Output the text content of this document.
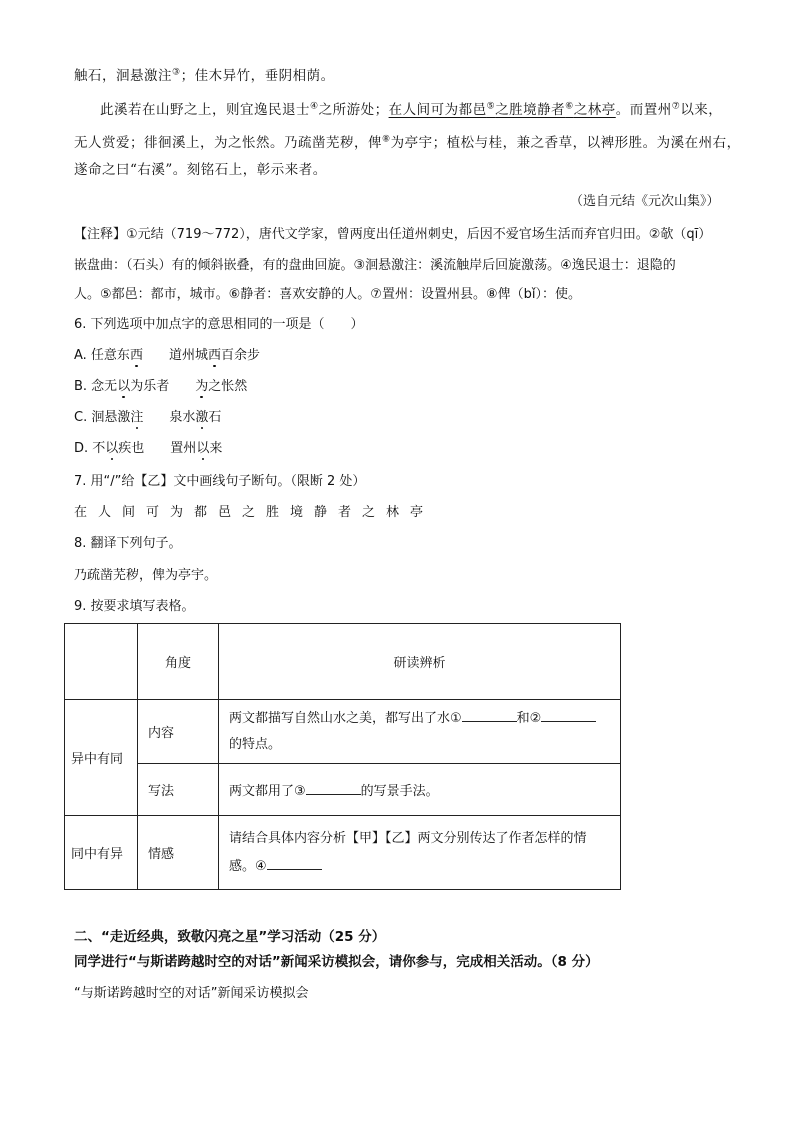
触石，洄悬激注③；佳木异竹，垂阴相荫。
此溪若在山野之上，则宜逸民退士④之所游处；在人间可为都邑⑤之胜境静者⑥之林亭。而置州⑦以来，
无人赏爱；徘徊溪上，为之怅然。乃疏凿芜秽，俾⑧为亭宇；植松与桂，兼之香草，以裨形胜。为溪在州右，
遂命之曰“右溪”。刻铭石上，彰示来者。
（选自元结《元次山集》）
【注释】①元结（719～772），唐代文学家，曾两度出任道州刺史，后因不爱官场生活而弃官归田。②欹（qī）
嵌盘曲：（石头）有的倾斜嵌叠，有的盘曲回旋。③洄悬激注：溪流触岸后回旋激荡。④逸民退士：退隐的
人。⑤都邑：都市，城市。⑥静者：喜欢安静的人。⑦置州：设置州县。⑧俾（bǐ）：使。
6. 下列选项中加点字的意思相同的一项是（　　）
A. 任意东西　　道州城西百余步
B. 念无以为乐者　　为之怅然
C. 洄悬激注　　泉水激石
D. 不以疾也　　置州以来
7. 用“/”给【乙】文中画线句子断句。（限断 2 处）
在人间可为都邑之胜境静者之林亭
8. 翻译下列句子。
乃疏凿芜秽，俾为亭宇。
9. 按要求填写表格。
	角度	研读辨析
异中有同	内容	两文都描写自然山水之美，都写出了水① 和②
的特点。
	写法	两文都用了③ 的写景手法。
同中有异	情感	请结合具体内容分析【甲】【乙】两文分别传达了作者怎样的情
感。④
二、“走近经典，致敬闪亮之星”学习活动（25 分）
同学进行“与斯诺跨越时空的对话”新闻采访模拟会，请你参与，完成相关活动。（8 分）
“与斯诺跨越时空的对话”新闻采访模拟会
